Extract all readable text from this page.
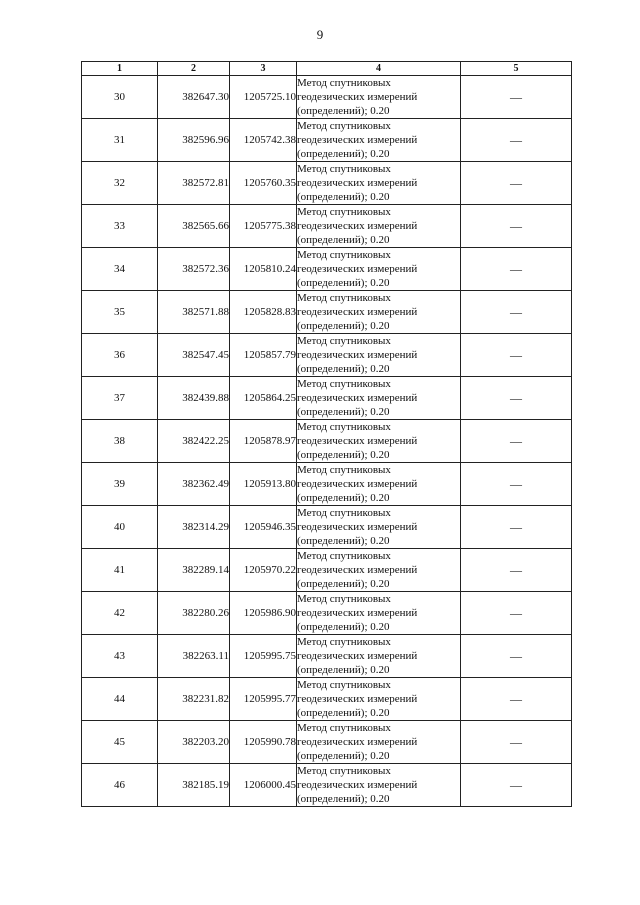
9
1	2	3	4	5
30	382647.30	1205725.10	Метод спутниковых
геодезических измерений
(определений); 0.20	—
31	382596.96	1205742.38	Метод спутниковых
геодезических измерений
(определений); 0.20	—
32	382572.81	1205760.35	Метод спутниковых
геодезических измерений
(определений); 0.20	—
33	382565.66	1205775.38	Метод спутниковых
геодезических измерений
(определений); 0.20	—
34	382572.36	1205810.24	Метод спутниковых
геодезических измерений
(определений); 0.20	—
35	382571.88	1205828.83	Метод спутниковых
геодезических измерений
(определений); 0.20	—
36	382547.45	1205857.79	Метод спутниковых
геодезических измерений
(определений); 0.20	—
37	382439.88	1205864.25	Метод спутниковых
геодезических измерений
(определений); 0.20	—
38	382422.25	1205878.97	Метод спутниковых
геодезических измерений
(определений); 0.20	—
39	382362.49	1205913.80	Метод спутниковых
геодезических измерений
(определений); 0.20	—
40	382314.29	1205946.35	Метод спутниковых
геодезических измерений
(определений); 0.20	—
41	382289.14	1205970.22	Метод спутниковых
геодезических измерений
(определений); 0.20	—
42	382280.26	1205986.90	Метод спутниковых
геодезических измерений
(определений); 0.20	—
43	382263.11	1205995.75	Метод спутниковых
геодезических измерений
(определений); 0.20	—
44	382231.82	1205995.77	Метод спутниковых
геодезических измерений
(определений); 0.20	—
45	382203.20	1205990.78	Метод спутниковых
геодезических измерений
(определений); 0.20	—
46	382185.19	1206000.45	Метод спутниковых
геодезических измерений
(определений); 0.20	—
